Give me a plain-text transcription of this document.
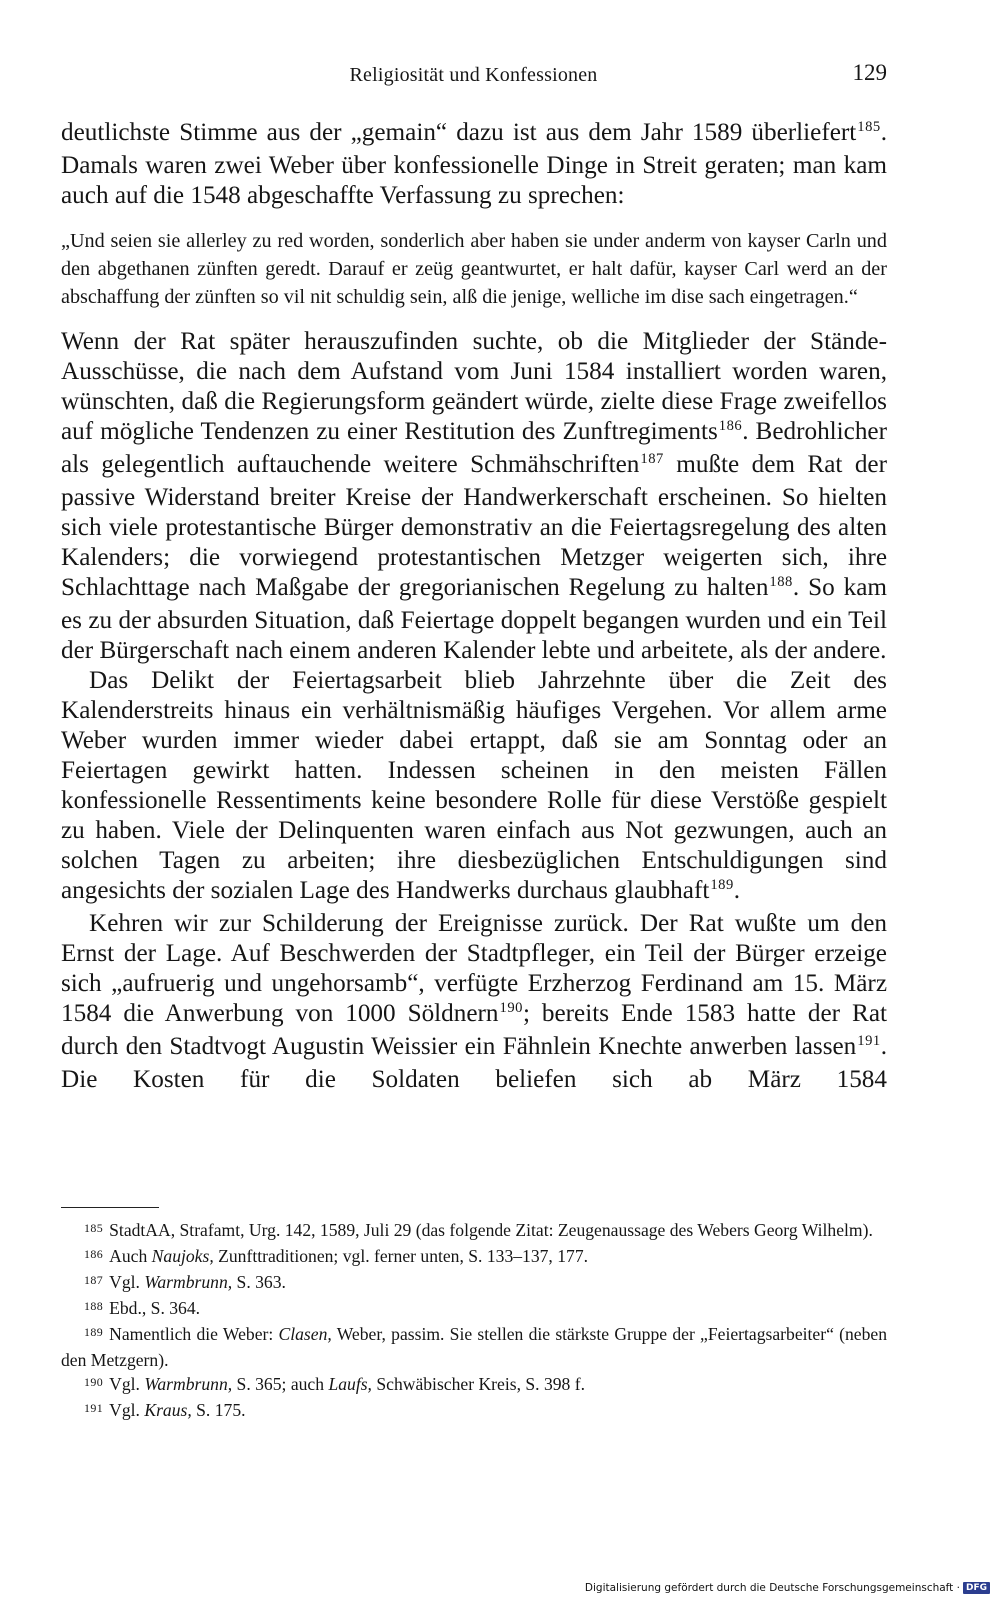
Religiosität und Konfessionen	129

deutlichste Stimme aus der „gemain“ dazu ist aus dem Jahr 1589 überliefert$^{185}$. Damals waren zwei Weber über konfessionelle Dinge in Streit geraten; man kam auch auf die 1548 abgeschaffte Verfassung zu sprechen:

„Und seien sie allerley zu red worden, sonderlich aber haben sie under anderm von kayser Carln und den abgethanen zünften geredt. Darauf er zeüg geantwurtet, er halt dafür, kayser Carl werd an der abschaffung der zünften so vil nit schuldig sein, alß die jenige, welliche im dise sach eingetragen.“

Wenn der Rat später herauszufinden suchte, ob die Mitglieder der Stände-Ausschüsse, die nach dem Aufstand vom Juni 1584 installiert worden waren, wünschten, daß die Regierungsform geändert würde, zielte diese Frage zweifellos auf mögliche Tendenzen zu einer Restitution des Zunftregiments$^{186}$. Bedrohlicher als gelegentlich auftauchende weitere Schmähschriften$^{187}$ mußte dem Rat der passive Widerstand breiter Kreise der Handwerkerschaft erscheinen. So hielten sich viele protestantische Bürger demonstrativ an die Feiertagsregelung des alten Kalenders; die vorwiegend protestantischen Metzger weigerten sich, ihre Schlachttage nach Maßgabe der gregorianischen Regelung zu halten$^{188}$. So kam es zu der absurden Situation, daß Feiertage doppelt begangen wurden und ein Teil der Bürgerschaft nach einem anderen Kalender lebte und arbeitete, als der andere.

Das Delikt der Feiertagsarbeit blieb Jahrzehnte über die Zeit des Kalenderstreits hinaus ein verhältnismäßig häufiges Vergehen. Vor allem arme Weber wurden immer wieder dabei ertappt, daß sie am Sonntag oder an Feiertagen gewirkt hatten. Indessen scheinen in den meisten Fällen konfessionelle Ressentiments keine besondere Rolle für diese Verstöße gespielt zu haben. Viele der Delinquenten waren einfach aus Not gezwungen, auch an solchen Tagen zu arbeiten; ihre diesbezüglichen Entschuldigungen sind angesichts der sozialen Lage des Handwerks durchaus glaubhaft$^{189}$.

Kehren wir zur Schilderung der Ereignisse zurück. Der Rat wußte um den Ernst der Lage. Auf Beschwerden der Stadtpfleger, ein Teil der Bürger erzeige sich „aufruerig und ungehorsamb“, verfügte Erzherzog Ferdinand am 15. März 1584 die Anwerbung von 1000 Söldnern$^{190}$; bereits Ende 1583 hatte der Rat durch den Stadtvogt Augustin Weissier ein Fähnlein Knechte anwerben lassen$^{191}$. Die Kosten für die Soldaten beliefen sich ab März 1584

$^{185}$ StadtAA, Strafamt, Urg. 142, 1589, Juli 29 (das folgende Zitat: Zeugenaussage des Webers Georg Wilhelm).

$^{186}$ Auch Naujoks, Zunfttraditionen; vgl. ferner unten, S. 133–137, 177.

$^{187}$ Vgl. Warmbrunn, S. 363.

$^{188}$ Ebd., S. 364.

$^{189}$ Namentlich die Weber: Clasen, Weber, passim. Sie stellen die stärkste Gruppe der „Feiertagsarbeiter“ (neben den Metzgern).

$^{190}$ Vgl. Warmbrunn, S. 365; auch Laufs, Schwäbischer Kreis, S. 398 f.

$^{191}$ Vgl. Kraus, S. 175.

Digitalisierung gefördert durch die Deutsche Forschungsgemeinschaft · DFG
